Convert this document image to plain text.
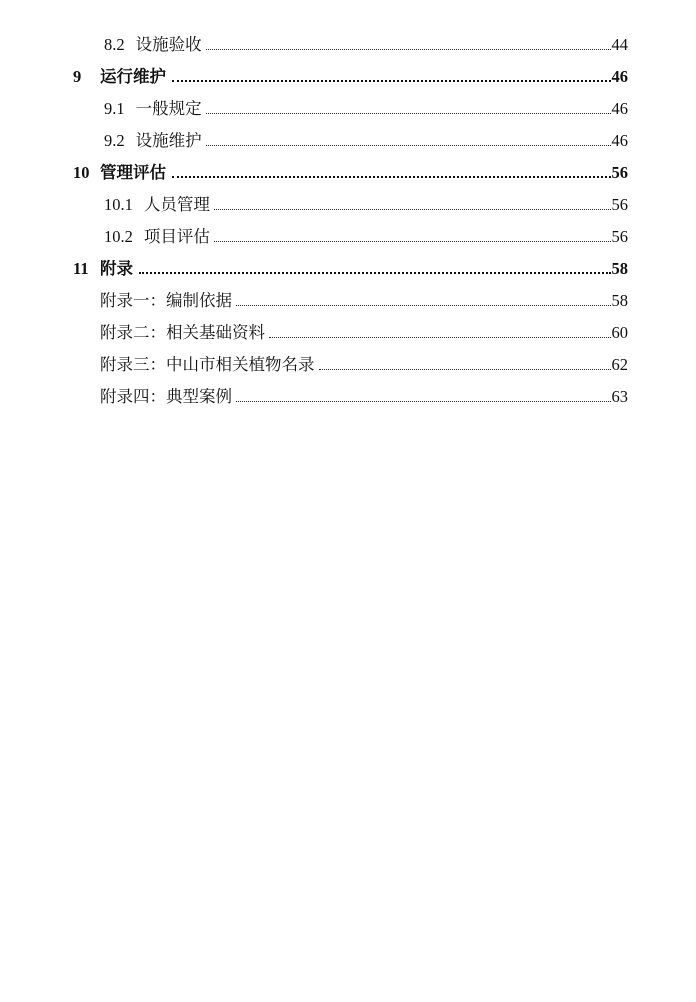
8.2 设施验收	44
9	运行维护	46
9.1 一般规定	46
9.2 设施维护	46
10 管理评估	56
10.1 人员管理	56
10.2 项目评估	56
11 附录	58
附录一：编制依据	58
附录二：相关基础资料	60
附录三：中山市相关植物名录	62
附录四：典型案例	63
